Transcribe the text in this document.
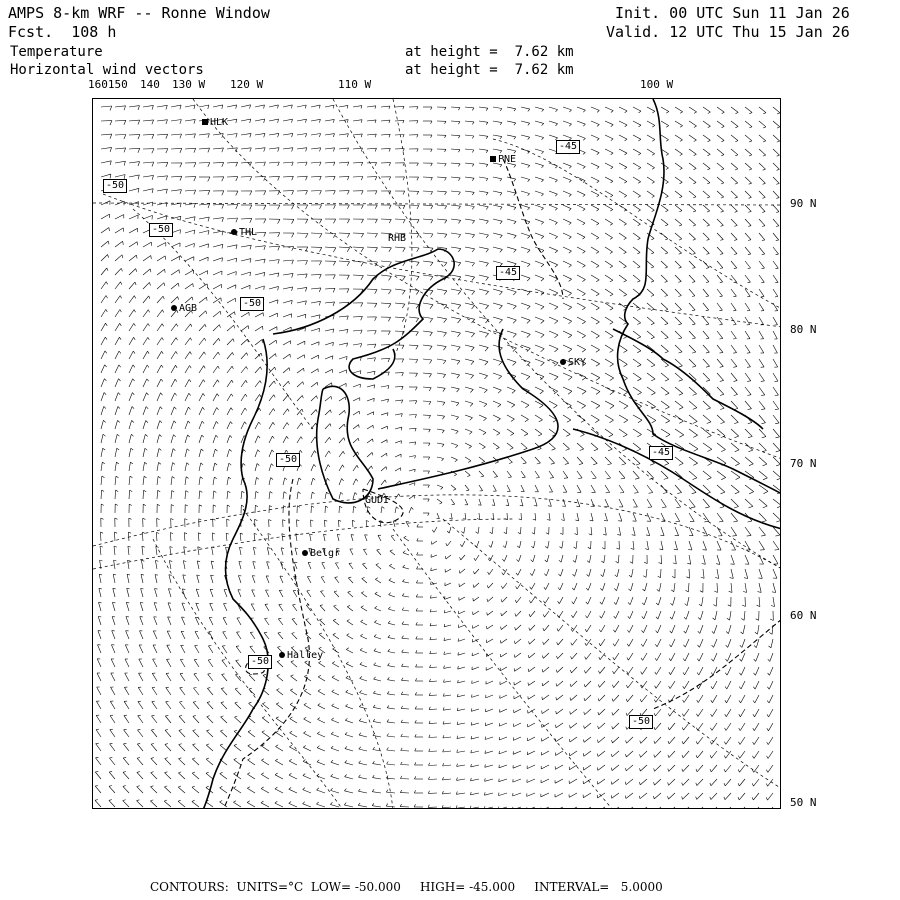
AMPS 8-km WRF -- Ronne Window
Fcst.  108 h
Init. 00 UTC Sun 11 Jan 26
Valid. 12 UTC Thu 15 Jan 26
Temperature
Horizontal wind vectors
at height =  7.62 km
at height =  7.62 km
160150 140 130 W 120 W	110 W	100 W
90 N
80 N
70 N
60 N
50 N
HLK
PNE
THL
RHB
AGB
SKY
GUDI
Belgr
Halley
-50
-50
-50
-45
-45
-45
-50
-50
-50
CONTOURS:  UNITS=°C  LOW= -50.000     HIGH= -45.000     INTERVAL=   5.0000
